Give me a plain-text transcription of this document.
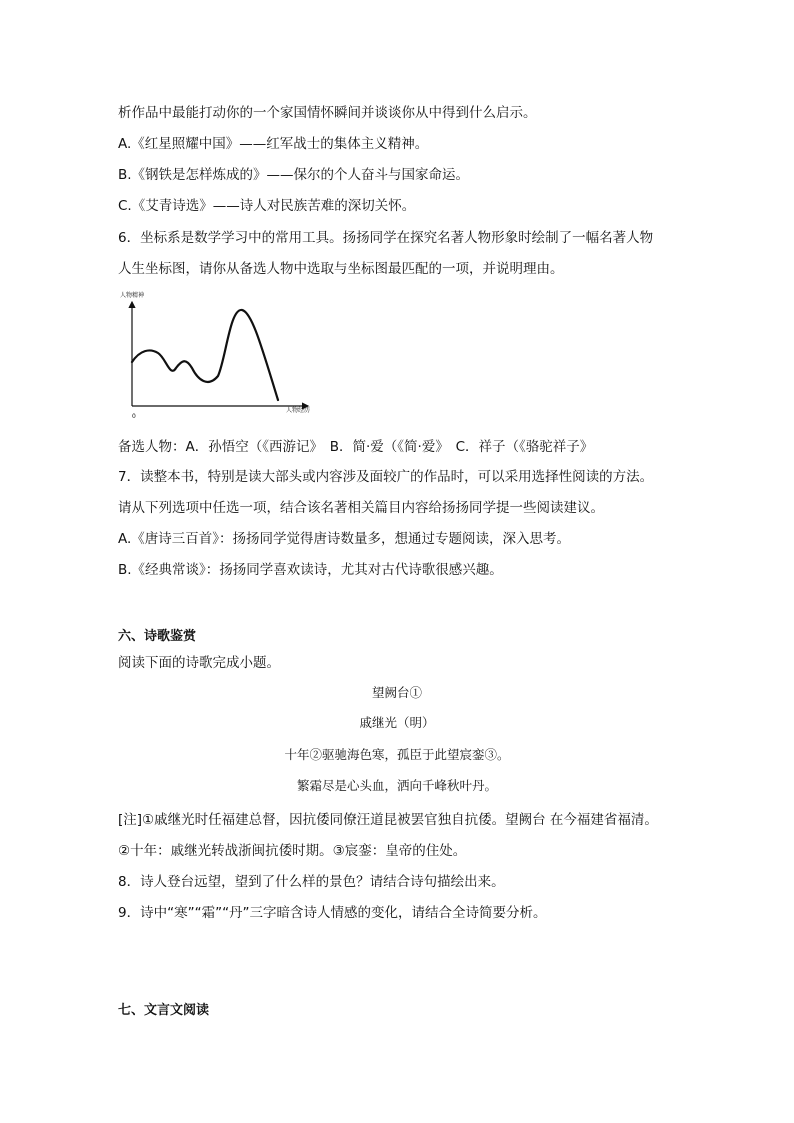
析作品中最能打动你的一个家国情怀瞬间并谈谈你从中得到什么启示。
A.《红星照耀中国》——红军战士的集体主义精神。
B.《钢铁是怎样炼成的》——保尔的个人奋斗与国家命运。
C.《艾青诗选》——诗人对民族苦难的深切关怀。
6．坐标系是数学学习中的常用工具。扬扬同学在探究名著人物形象时绘制了一幅名著人物
人生坐标图，请你从备选人物中选取与坐标图最匹配的一项，并说明理由。
人物精神
0
人物经历
备选人物：A．孙悟空（《西游记》　B．简·爱（《简·爱》　C．祥子（《骆驼祥子》
7．读整本书，特别是读大部头或内容涉及面较广的作品时，可以采用选择性阅读的方法。
请从下列选项中任选一项，结合该名著相关篇目内容给扬扬同学提一些阅读建议。
A.《唐诗三百首》：扬扬同学觉得唐诗数量多，想通过专题阅读，深入思考。
B.《经典常谈》：扬扬同学喜欢读诗，尤其对古代诗歌很感兴趣。
六、诗歌鉴赏
阅读下面的诗歌完成小题。
望阙台①
戚继光（明）
十年②驱驰海色寒，孤臣于此望宸銮③。
繁霜尽是心头血，洒向千峰秋叶丹。
[注]①戚继光时任福建总督，因抗倭同僚汪道昆被罢官独自抗倭。望阙台 在今福建省福清。
②十年：戚继光转战浙闽抗倭时期。③宸銮：皇帝的住处。
8．诗人登台远望，望到了什么样的景色？请结合诗句描绘出来。
9．诗中“寒”“霜”“丹”三字暗含诗人情感的变化，请结合全诗简要分析。
七、文言文阅读
